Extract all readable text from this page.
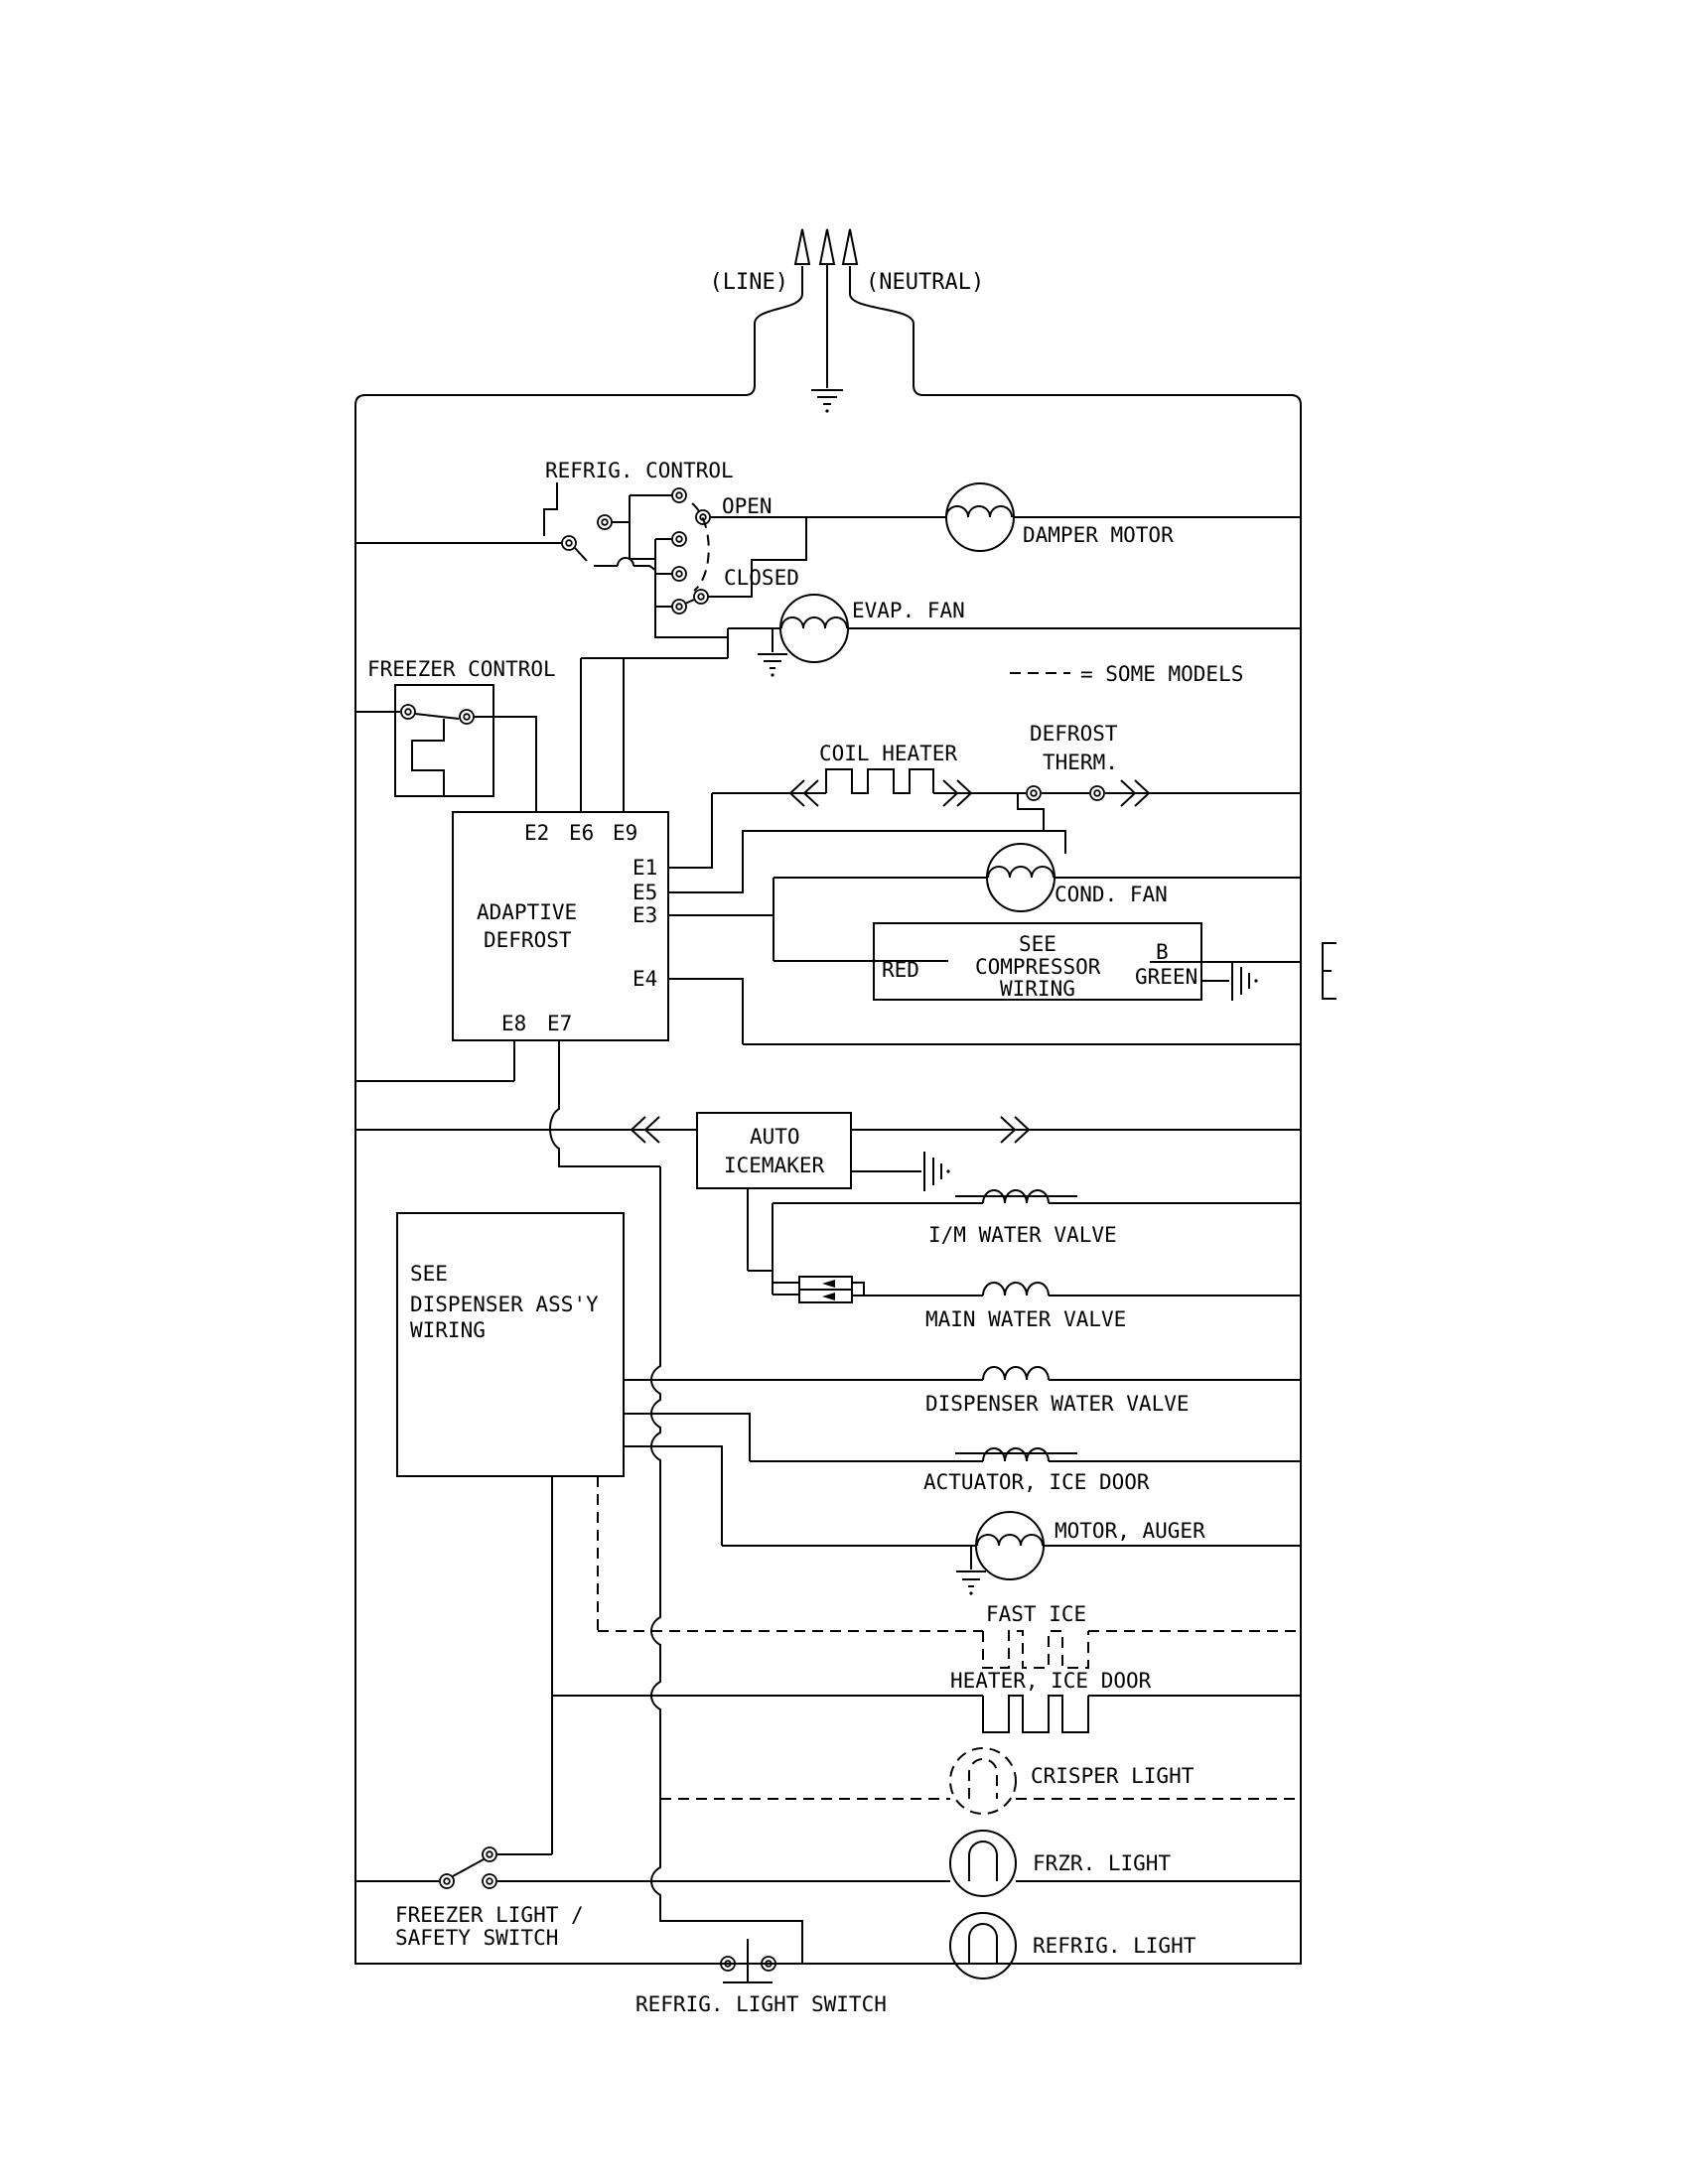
(LINE)	(NEUTRAL)
REFRIG. CONTROL
OPEN
CLOSED
DAMPER MOTOR
EVAP. FAN
= SOME MODELS
FREEZER CONTROL
ADAPTIVE
DEFROST
E2 E6 E9
E1
E5
E3
E4
E8 E7
COIL HEATER
DEFROST
THERM.
COND. FAN
SEE
COMPRESSOR
WIRING
RED
B
GREEN
AUTO
ICEMAKER
SEE
DISPENSER ASS'Y
WIRING
I/M WATER VALVE
MAIN WATER VALVE
DISPENSER WATER VALVE
ACTUATOR, ICE DOOR
MOTOR, AUGER
FAST ICE
HEATER, ICE DOOR
CRISPER LIGHT
FRZR. LIGHT
REFRIG. LIGHT
FREEZER LIGHT /
SAFETY SWITCH
REFRIG. LIGHT SWITCH
